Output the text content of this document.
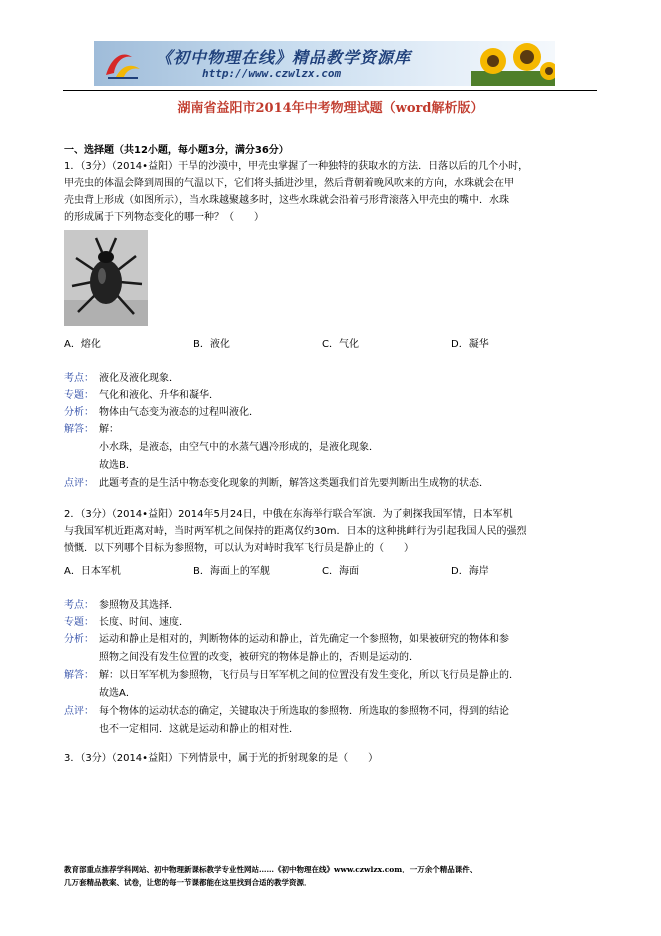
《初中物理在线》精品教学资源库
http://www.czwlzx.com
湖南省益阳市2014年中考物理试题（word解析版）
一、选择题（共12小题，每小题3分，满分36分）
1．（3分）（2014•益阳）干旱的沙漠中，甲壳虫掌握了一种独特的获取水的方法．日落以后的几个小时，
甲壳虫的体温会降到周围的气温以下，它们将头插进沙里，然后背朝着晚风吹来的方向，水珠就会在甲
壳虫背上形成（如图所示），当水珠越聚越多时，这些水珠就会沿着弓形背滚落入甲壳虫的嘴中．水珠
的形成属于下列物态变化的哪一种？（　　）
A．熔化	B．液化	C．气化	D．凝华
考点： 液化及液化现象．
专题： 气化和液化、升华和凝华．
分析： 物体由气态变为液态的过程叫液化．
解答： 解：
小水珠，是液态，由空气中的水蒸气遇冷形成的，是液化现象．
故选B．
点评： 此题考查的是生活中物态变化现象的判断，解答这类题我们首先要判断出生成物的状态．
2．（3分）（2014•益阳）2014年5月24日，中俄在东海举行联合军演．为了刺探我国军情，日本军机
与我国军机近距离对峙，当时两军机之间保持的距离仅约30m．日本的这种挑衅行为引起我国人民的强烈
愤慨．以下列哪个目标为参照物，可以认为对峙时我军飞行员是静止的（　　）
A．日本军机	B．海面上的军舰	C．海面	D．海岸
考点： 参照物及其选择．
专题： 长度、时间、速度．
分析： 运动和静止是相对的，判断物体的运动和静止，首先确定一个参照物，如果被研究的物体和参
照物之间没有发生位置的改变，被研究的物体是静止的，否则是运动的．
解答： 解：以日军军机为参照物，飞行员与日军军机之间的位置没有发生变化，所以飞行员是静止的．
故选A．
点评： 每个物体的运动状态的确定，关键取决于所选取的参照物．所选取的参照物不同，得到的结论
也不一定相同．这就是运动和静止的相对性．
3．（3分）（2014•益阳）下列情景中，属于光的折射现象的是（　　）
教育部重点推荐学科网站、初中物理新课标教学专业性网站……《初中物理在线》www.czwlzx.com．一万余个精品课件、
几万套精品教案、试卷，让您的每一节课都能在这里找到合适的教学资源．
